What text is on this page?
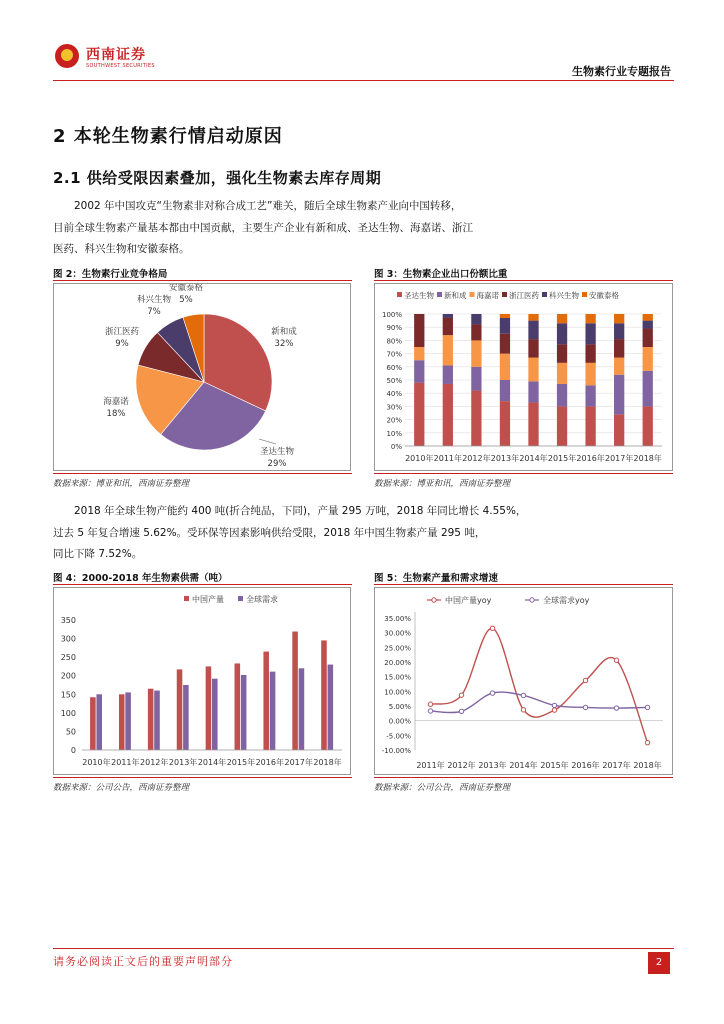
西南证券
SOUTHWEST SECURITIES	生物素行业专题报告
2 本轮生物素行情启动原因
2.1 供给受限因素叠加，强化生物素去库存周期
2002 年中国攻克“生物素非对称合成工艺”难关，随后全球生物素产业向中国转移，
目前全球生物素产量基本都由中国贡献，主要生产企业有新和成、圣达生物、海嘉诺、浙江
医药、科兴生物和安徽泰格。
图 2：生物素行业竞争格局
新和成
32%
圣达生物
29%
海嘉诺
18%
浙江医药
9%
科兴生物
7%
安徽泰格
5%
数据来源：博亚和讯，西南证券整理
图 3：生物素企业出口份额比重
圣达生物 新和成 海嘉诺 浙江医药 科兴生物 安徽泰格
0%
10%
20%
30%
40%
50%
60%
70%
80%
90%
100%
2010年 2011年 2012年 2013年 2014年 2015年 2016年 2017年 2018年
数据来源：博亚和讯，西南证券整理
2018 年全球生物产能约 400 吨(折合纯品，下同)，产量 295 万吨，2018 年同比增长 4.55%，
过去 5 年复合增速 5.62%。受环保等因素影响供给受限，2018 年中国生物素产量 295 吨，
同比下降 7.52%。
图 4：2000-2018 年生物素供需（吨）
中国产量	全球需求
0
50
100
150
200
250
300
350
2010年 2011年 2012年 2013年 2014年 2015年 2016年 2017年 2018年
数据来源：公司公告，西南证券整理
图 5：生物素产量和需求增速
中国产量yoy	全球需求yoy
-10.00%
-5.00%
0.00%
5.00%
10.00%
15.00%
20.00%
25.00%
30.00%
35.00%
2011年 2012年 2013年 2014年 2015年 2016年 2017年 2018年
数据来源：公司公告，西南证券整理
请务必阅读正文后的重要声明部分	2
